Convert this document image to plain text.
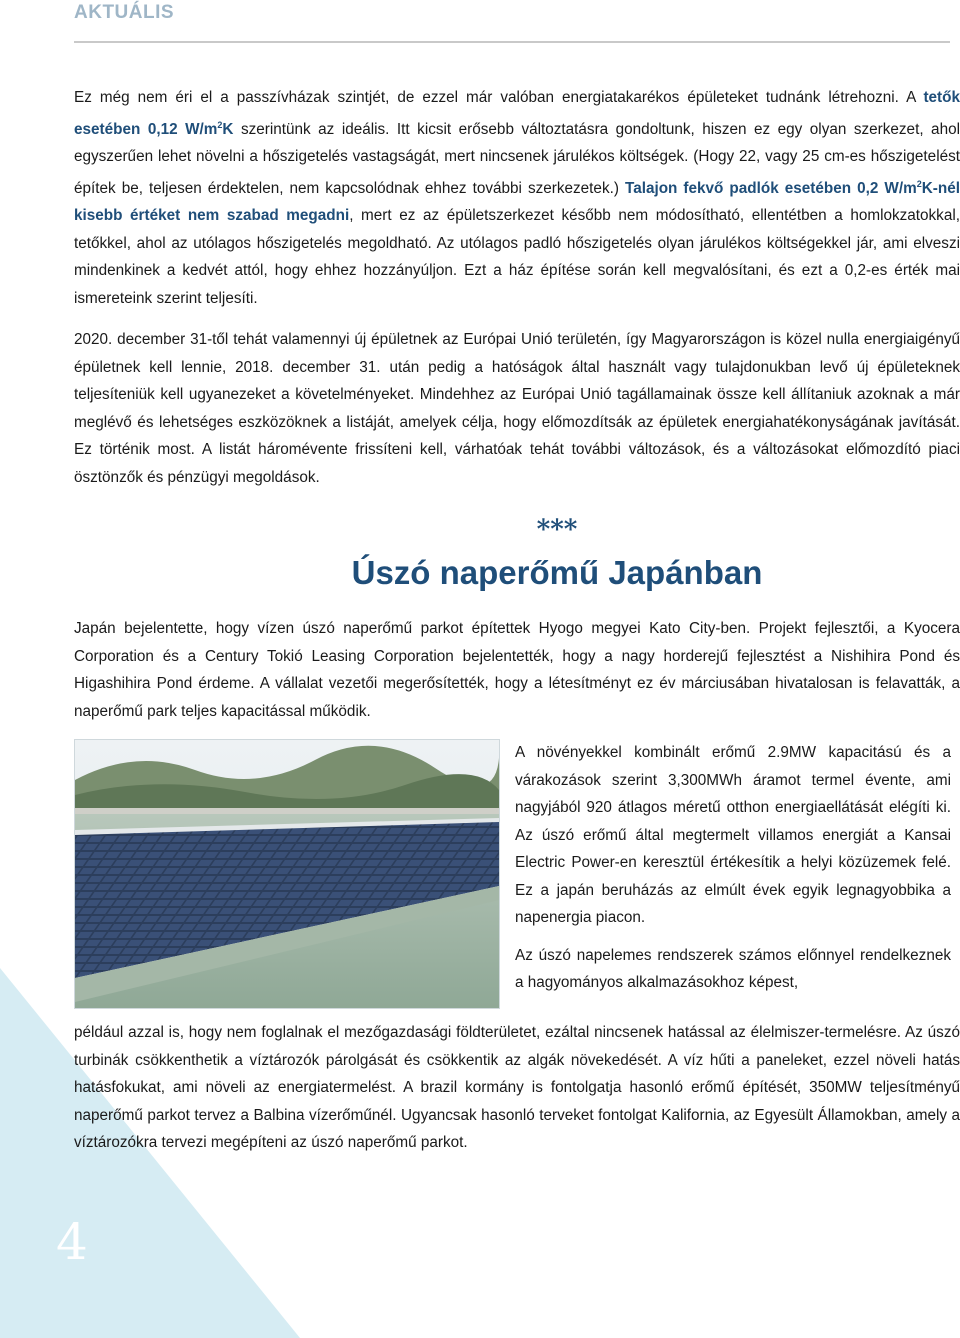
AKTUÁLIS

Ez még nem éri el a passzívházak szintjét, de ezzel már valóban energiatakarékos épületeket tudnánk létrehozni. A tetők esetében 0,12 $W/m^2K$ szerintünk az ideális. Itt kicsit erősebb változtatásra gondoltunk, hiszen ez egy olyan szerkezet, ahol egyszerűen lehet növelni a hőszigetelés vastagságát, mert nincsenek járulékos költségek. (Hogy 22, vagy 25 cm-es hőszigetelést építek be, teljesen érdektelen, nem kapcsolódnak ehhez további szerkezetek.) Talajon fekvő padlók esetében 0,2 $W/m^2K$-nél kisebb értéket nem szabad megadni, mert ez az épületszerkezet később nem módosítható, ellentétben a homlokzatokkal, tetőkkel, ahol az utólagos hőszigetelés megoldható. Az utólagos padló hőszigetelés olyan járulékos költségekkel jár, ami elveszi mindenkinek a kedvét attól, hogy ehhez hozzányúljon. Ezt a ház építése során kell megvalósítani, és ezt a 0,2-es érték mai ismereteink szerint teljesíti.

2020. december 31-től tehát valamennyi új épületnek az Európai Unió területén, így Magyarországon is közel nulla energiaigényű épületnek kell lennie, 2018. december 31. után pedig a hatóságok által használt vagy tulajdonukban levő új épületeknek teljesíteniük kell ugyanezeket a követelményeket. Mindehhez az Európai Unió tagállamainak össze kell állítaniuk azoknak a már meglévő és lehetséges eszközöknek a listáját, amelyek célja, hogy előmozdítsák az épületek energiahatékonyságának javítását. Ez történik most. A listát háromévente frissíteni kell, várhatóak tehát további változások, és a változásokat előmozdító piaci ösztönzők és pénzügyi megoldások.

***
Úszó naperőmű Japánban

Japán bejelentette, hogy vízen úszó naperőmű parkot építettek Hyogo megyei Kato City-ben. Projekt fejlesztői, a Kyocera Corporation és a Century Tokió Leasing Corporation bejelentették, hogy a nagy horderejű fejlesztést a Nishihira Pond és Higashihira Pond érdeme. A vállalat vezetői megerősítették, hogy a létesítményt ez év márciusában hivatalosan is felavatták, a naperőmű park teljes kapacitással működik.

A növényekkel kombinált erőmű 2.9MW kapacitású és a várakozások szerint 3,300MWh áramot termel évente, ami nagyjából 920 átlagos méretű otthon energiaellátását elégíti ki. Az úszó erőmű által megtermelt villamos energiát a Kansai Electric Power-en keresztül értékesítik a helyi közüzemek felé. Ez a japán beruházás az elmúlt évek egyik legnagyobbika a napenergia piacon.

Az úszó napelemes rendszerek számos előnnyel rendelkeznek a hagyományos alkalmazásokhoz képest,

például azzal is, hogy nem foglalnak el mezőgazdasági földterületet, ezáltal nincsenek hatással az élelmiszer-termelésre. Az úszó turbinák csökkenthetik a víztározók párolgását és csökkentik az algák növekedését. A víz hűti a paneleket, ezzel növeli hatás hatásfokukat, ami növeli az energiatermelést. A brazil kormány is fontolgatja hasonló erőmű építését, 350MW teljesítményű naperőmű parkot tervez a Balbina vízerőműnél. Ugyancsak hasonló terveket fontolgat Kalifornia, az Egyesült Államokban, amely a víztározókra tervezi megépíteni az úszó naperőmű parkot.

4
